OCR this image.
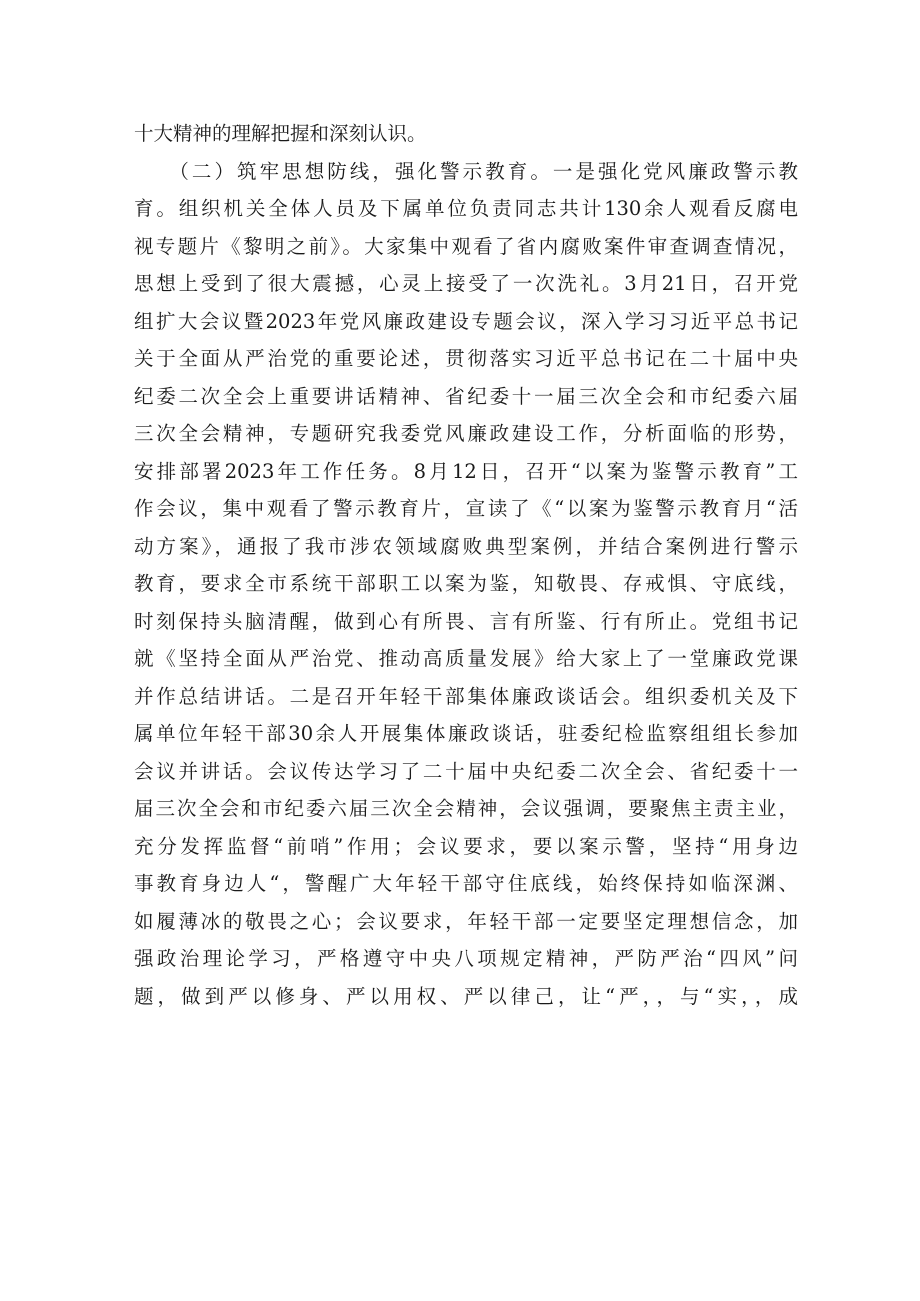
十大精神的理解把握和深刻认识。
　　（二）筑牢思想防线，强化警示教育。一是强化党风廉政警示教
育。组织机关全体人员及下属单位负责同志共计130余人观看反腐电
视专题片《黎明之前》。大家集中观看了省内腐败案件审查调查情况，
思想上受到了很大震撼，心灵上接受了一次洗礼。3月21日，召开党
组扩大会议暨2023年党风廉政建设专题会议，深入学习习近平总书记
关于全面从严治党的重要论述，贯彻落实习近平总书记在二十届中央
纪委二次全会上重要讲话精神、省纪委十一届三次全会和市纪委六届
三次全会精神，专题研究我委党风廉政建设工作，分析面临的形势，
安排部署2023年工作任务。8月12日，召开“以案为鉴警示教育”工
作会议，集中观看了警示教育片，宣读了《“以案为鉴警示教育月“活
动方案》，通报了我市涉农领域腐败典型案例，并结合案例进行警示
教育，要求全市系统干部职工以案为鉴，知敬畏、存戒惧、守底线，
时刻保持头脑清醒，做到心有所畏、言有所鉴、行有所止。党组书记
就《坚持全面从严治党、推动高质量发展》给大家上了一堂廉政党课
并作总结讲话。二是召开年轻干部集体廉政谈话会。组织委机关及下
属单位年轻干部30余人开展集体廉政谈话，驻委纪检监察组组长参加
会议并讲话。会议传达学习了二十届中央纪委二次全会、省纪委十一
届三次全会和市纪委六届三次全会精神，会议强调，要聚焦主责主业，
充分发挥监督“前哨”作用；会议要求，要以案示警，坚持“用身边
事教育身边人“，警醒广大年轻干部守住底线，始终保持如临深渊、
如履薄冰的敬畏之心；会议要求，年轻干部一定要坚定理想信念，加
强政治理论学习，严格遵守中央八项规定精神，严防严治“四风”问
题，做到严以修身、严以用权、严以律己，让“严，，与“实，，成
